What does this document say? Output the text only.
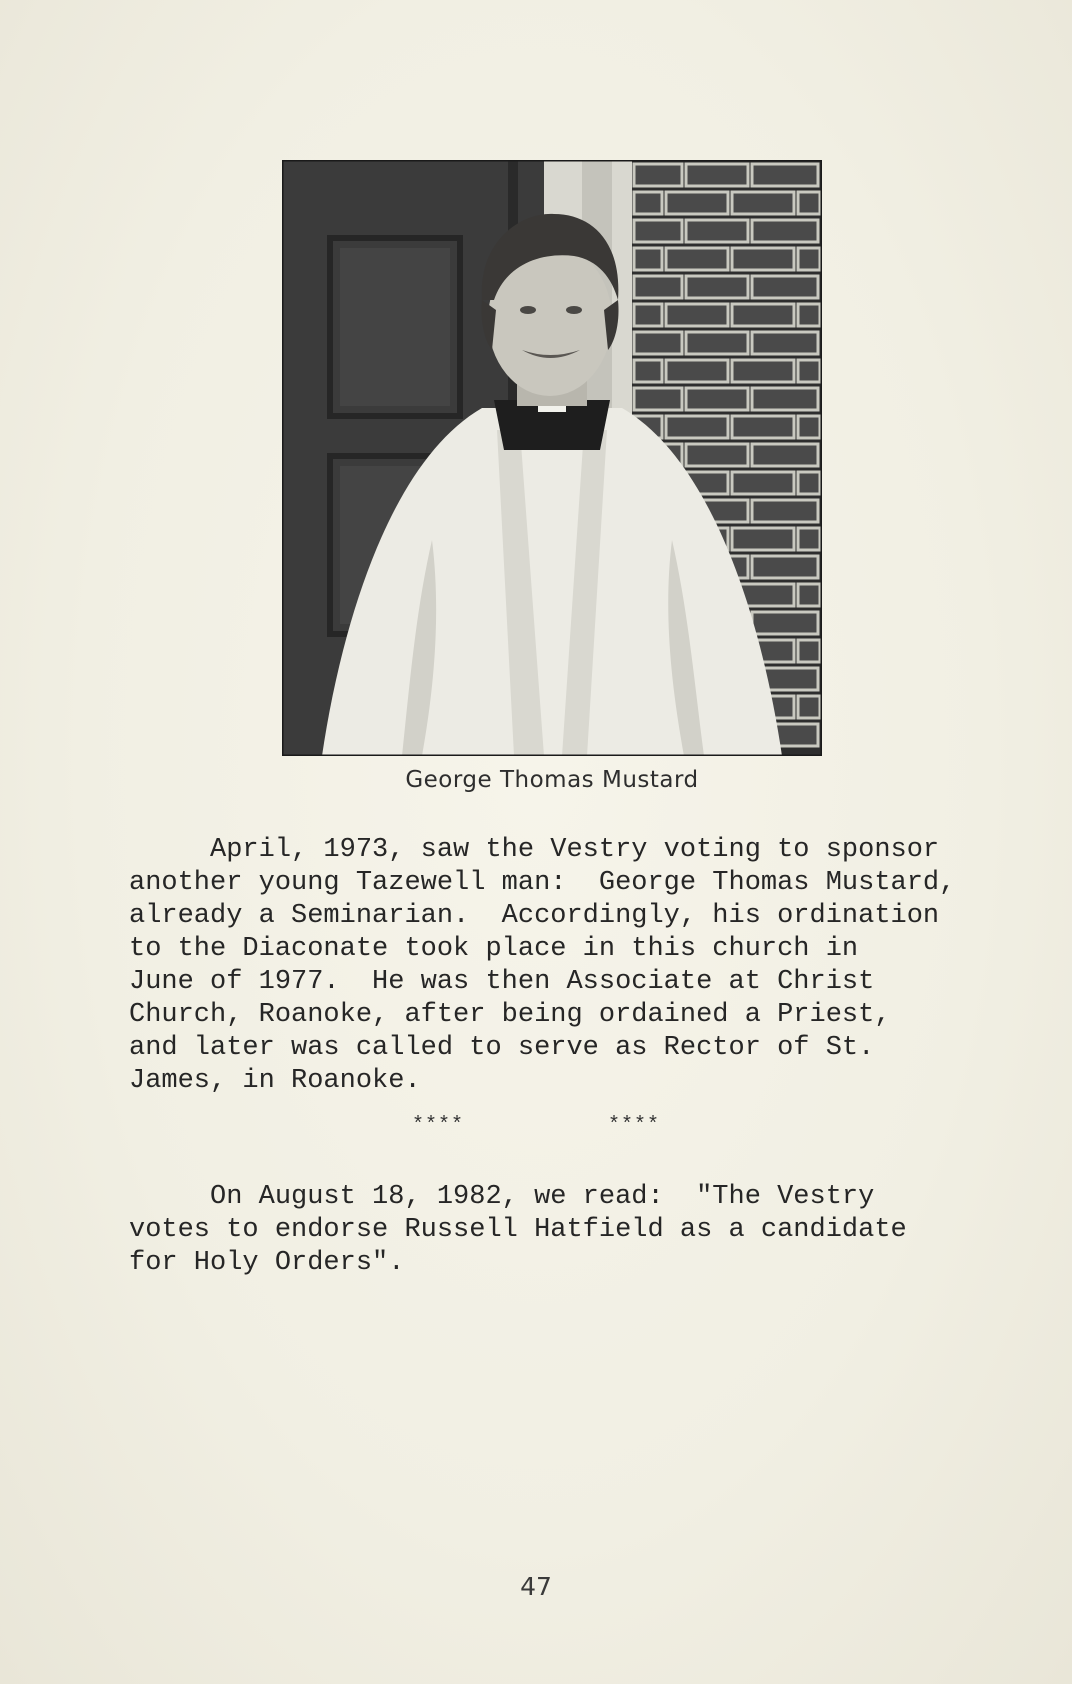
George Thomas Mustard

April, 1973, saw the Vestry voting to sponsor
another young Tazewell man:  George Thomas Mustard,
already a Seminarian.  Accordingly, his ordination
to the Diaconate took place in this church in
June of 1977.  He was then Associate at Christ
Church, Roanoke, after being ordained a Priest,
and later was called to serve as Rector of St.
James, in Roanoke.

****	****

On August 18, 1982, we read:  "The Vestry
votes to endorse Russell Hatfield as a candidate
for Holy Orders".

47
